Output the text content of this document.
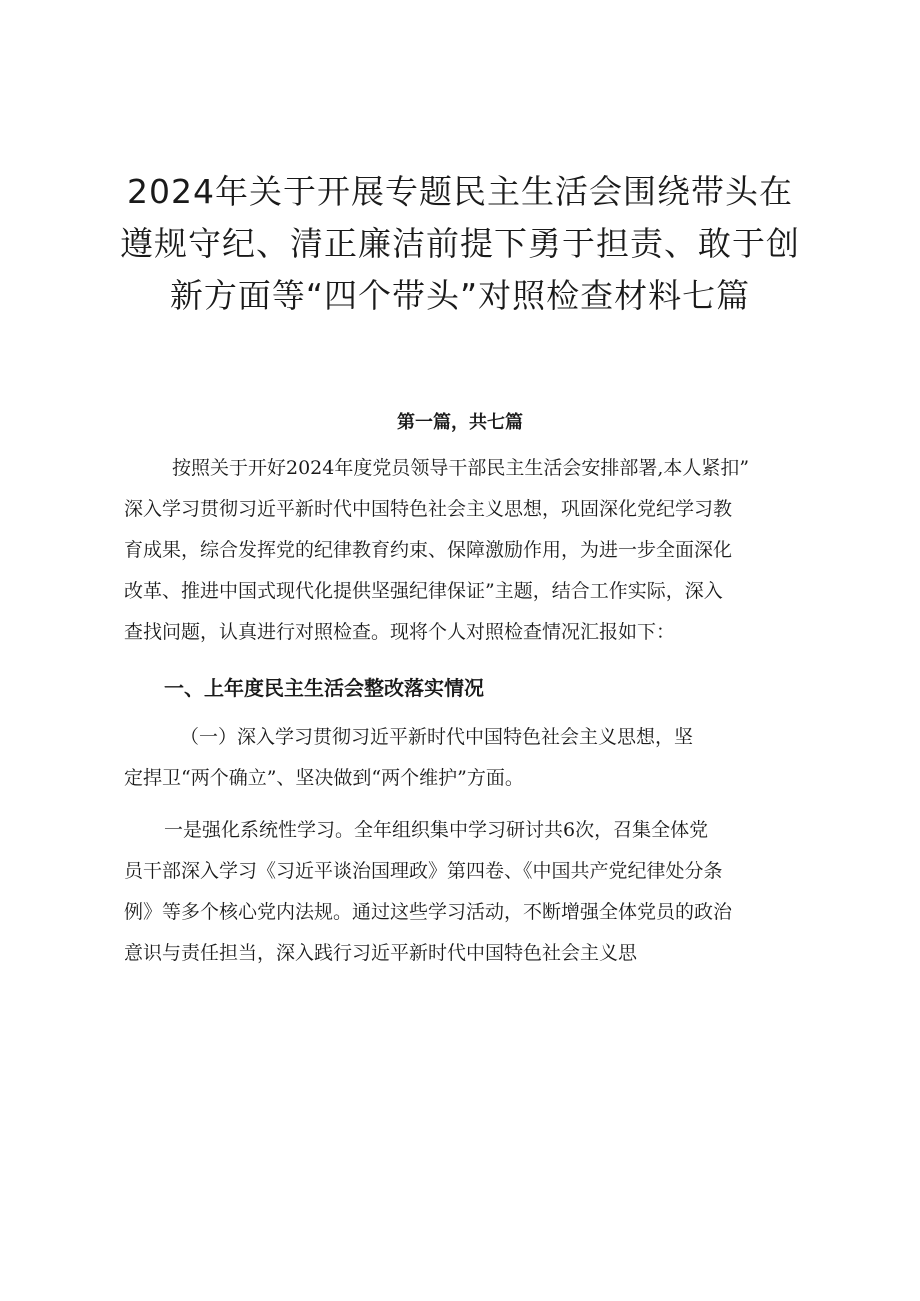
2024年关于开展专题民主生活会围绕带头在
遵规守纪、清正廉洁前提下勇于担责、敢于创
新方面等“四个带头”对照检查材料七篇

第一篇，共七篇

按照关于开好2024年度党员领导干部民主生活会安排部署,本人紧扣”
深入学习贯彻习近平新时代中国特色社会主义思想，巩固深化党纪学习教
育成果，综合发挥党的纪律教育约束、保障激励作用，为进一步全面深化
改革、推进中国式现代化提供坚强纪律保证”主题，结合工作实际，深入
查找问题，认真进行对照检查。现将个人对照检查情况汇报如下：

一、上年度民主生活会整改落实情况

（一）深入学习贯彻习近平新时代中国特色社会主义思想，坚
定捍卫“两个确立”、坚决做到“两个维护”方面。

一是强化系统性学习。全年组织集中学习研讨共6次，召集全体党
员干部深入学习《习近平谈治国理政》第四卷、《中国共产党纪律处分条
例》等多个核心党内法规。通过这些学习活动，不断增强全体党员的政治
意识与责任担当，深入践行习近平新时代中国特色社会主义思
